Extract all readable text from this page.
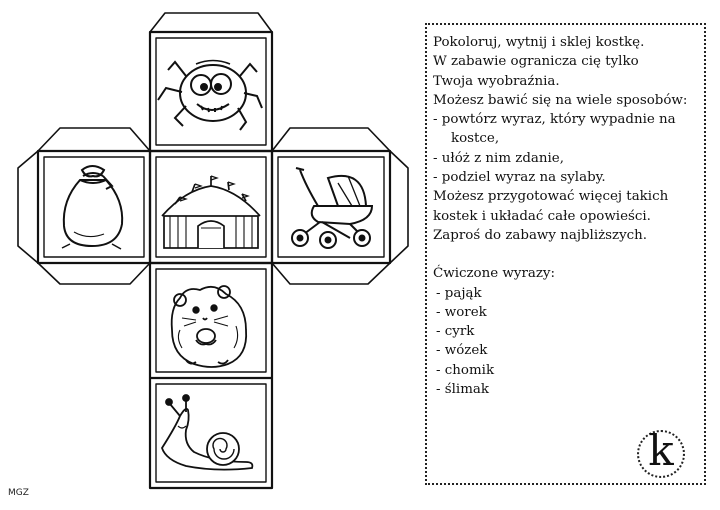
Pokoloruj, wytnij i sklej kostkę.
W zabawie ogranicza cię tylko
Twoja wyobraźnia.
Możesz bawić się na wiele sposobów:
- powtórz wyraz, który wypadnie na
kostce,
- ułóż z nim zdanie,
- podziel wyraz na sylaby.
Możesz przygotować więcej takich
kostek i układać całe opowieści.
Zaproś do zabawy najbliższych.
Ćwiczone wyrazy:
- pająk
- worek
- cyrk
- wózek
- chomik
- ślimak
k
MGZ
